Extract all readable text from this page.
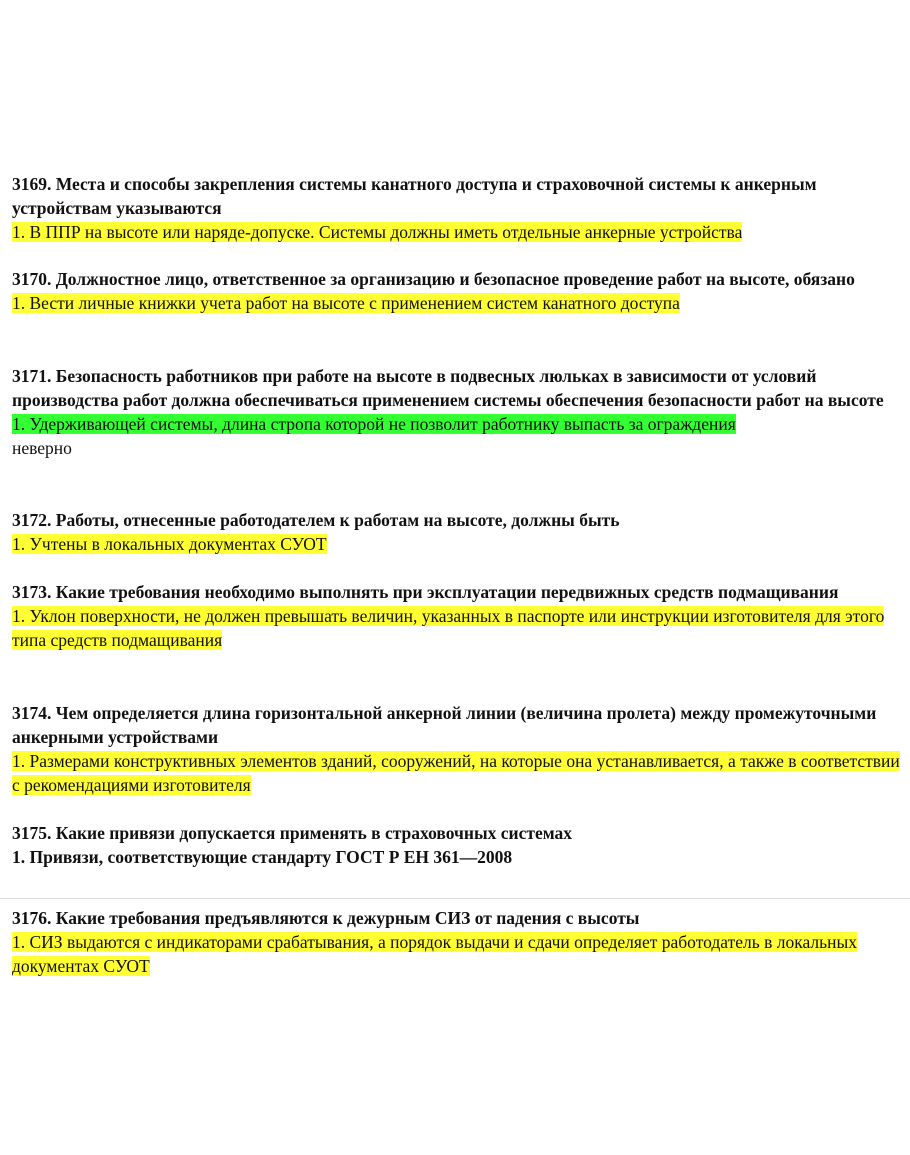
3169. Места и способы закрепления системы канатного доступа и страховочной системы к анкерным устройствам указываются

1. В ППР на высоте или наряде-допуске. Системы должны иметь отдельные анкерные устройства

3170. Должностное лицо, ответственное за организацию и безопасное проведение работ на высоте, обязано

1. Вести личные книжки учета работ на высоте с применением систем канатного доступа

3171. Безопасность работников при работе на высоте в подвесных люльках в зависимости от условий производства работ должна обеспечиваться применением системы обеспечения безопасности работ на высоте

1. Удерживающей системы, длина стропа которой не позволит работнику выпасть за ограждения

неверно

3172. Работы, отнесенные работодателем к работам на высоте, должны быть

1. Учтены в локальных документах СУОТ

3173. Какие требования необходимо выполнять при эксплуатации передвижных средств подмащивания

1. Уклон поверхности, не должен превышать величин, указанных в паспорте или инструкции изготовителя для этого типа средств подмащивания

3174. Чем определяется длина горизонтальной анкерной линии (величина пролета) между промежуточными анкерными устройствами

1. Размерами конструктивных элементов зданий, сооружений, на которые она устанавливается, а также в соответствии с рекомендациями изготовителя

3175. Какие привязи допускается применять в страховочных системах

1. Привязи, соответствующие стандарту ГОСТ Р ЕН 361—2008

3176. Какие требования предъявляются к дежурным СИЗ от падения с высоты

1. СИЗ выдаются с индикаторами срабатывания, а порядок выдачи и сдачи определяет работодатель в локальных документах СУОТ
